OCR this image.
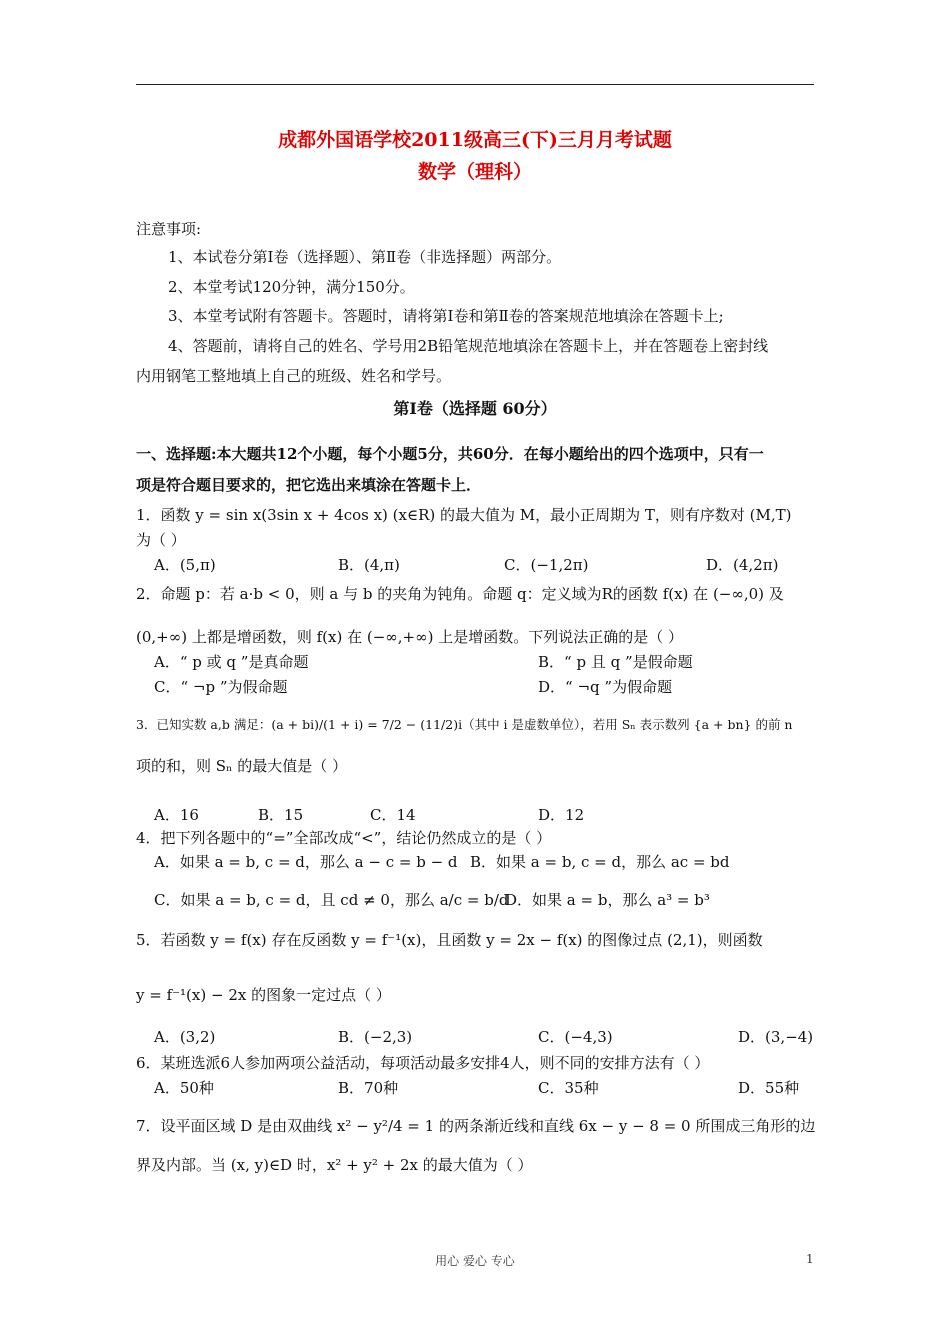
成都外国语学校2011级高三(下)三月月考试题
数学（理科）
注意事项:
1、本试卷分第Ⅰ卷（选择题）、第Ⅱ卷（非选择题）两部分。
2、本堂考试120分钟，满分150分。
3、本堂考试附有答题卡。答题时，请将第Ⅰ卷和第Ⅱ卷的答案规范地填涂在答题卡上;
4、答题前，请将自己的姓名、学号用2B铅笔规范地填涂在答题卡上，并在答题卷上密封线
内用钢笔工整地填上自己的班级、姓名和学号。
第Ⅰ卷（选择题 60分）
一、选择题:本大题共12个小题，每个小题5分，共60分．在每小题给出的四个选项中，只有一
项是符合题目要求的，把它选出来填涂在答题卡上．
1．函数 y = sin x(3sin x + 4cos x) (x∈R) 的最大值为 M，最小正周期为 T，则有序数对 (M,T)
为（ ）
A．(5,π)	B．(4,π)	C．(−1,2π)	D．(4,2π)
2．命题 p：若 a·b < 0，则 a 与 b 的夹角为钝角。命题 q：定义域为R的函数 f(x) 在 (−∞,0) 及
(0,+∞) 上都是增函数，则 f(x) 在 (−∞,+∞) 上是增函数。下列说法正确的是（ ）
A．“ p 或 q ”是真命题	B．“ p 且 q ”是假命题
C．“ ¬p ”为假命题	D．“ ¬q ”为假命题
3．已知实数 a,b 满足：(a + bi)/(1 + i) = 7/2 − (11/2)i（其中 i 是虚数单位），若用 Sₙ 表示数列 {a + bn} 的前 n
项的和，则 Sₙ 的最大值是（ ）
A．16	B．15	C．14	D．12
4．把下列各题中的“=”全部改成“<”，结论仍然成立的是（ ）
A．如果 a = b, c = d，那么 a − c = b − d B．如果 a = b, c = d，那么 ac = bd
C．如果 a = b, c = d，且 cd ≠ 0，那么 a/c = b/d
D．如果 a = b，那么 a³ = b³
5．若函数 y = f(x) 存在反函数 y = f⁻¹(x)，且函数 y = 2x − f(x) 的图像过点 (2,1)，则函数
y = f⁻¹(x) − 2x 的图象一定过点（ ）
A．(3,2)	B．(−2,3)	C．(−4,3)	D．(3,−4)
6．某班选派6人参加两项公益活动，每项活动最多安排4人，则不同的安排方法有（ ）
A．50种	B．70种	C．35种	D．55种
7．设平面区域 D 是由双曲线 x² − y²/4 = 1 的两条渐近线和直线 6x − y − 8 = 0 所围成三角形的边
界及内部。当 (x, y)∈D 时，x² + y² + 2x 的最大值为（ ）
用心 爱心 专心	1
